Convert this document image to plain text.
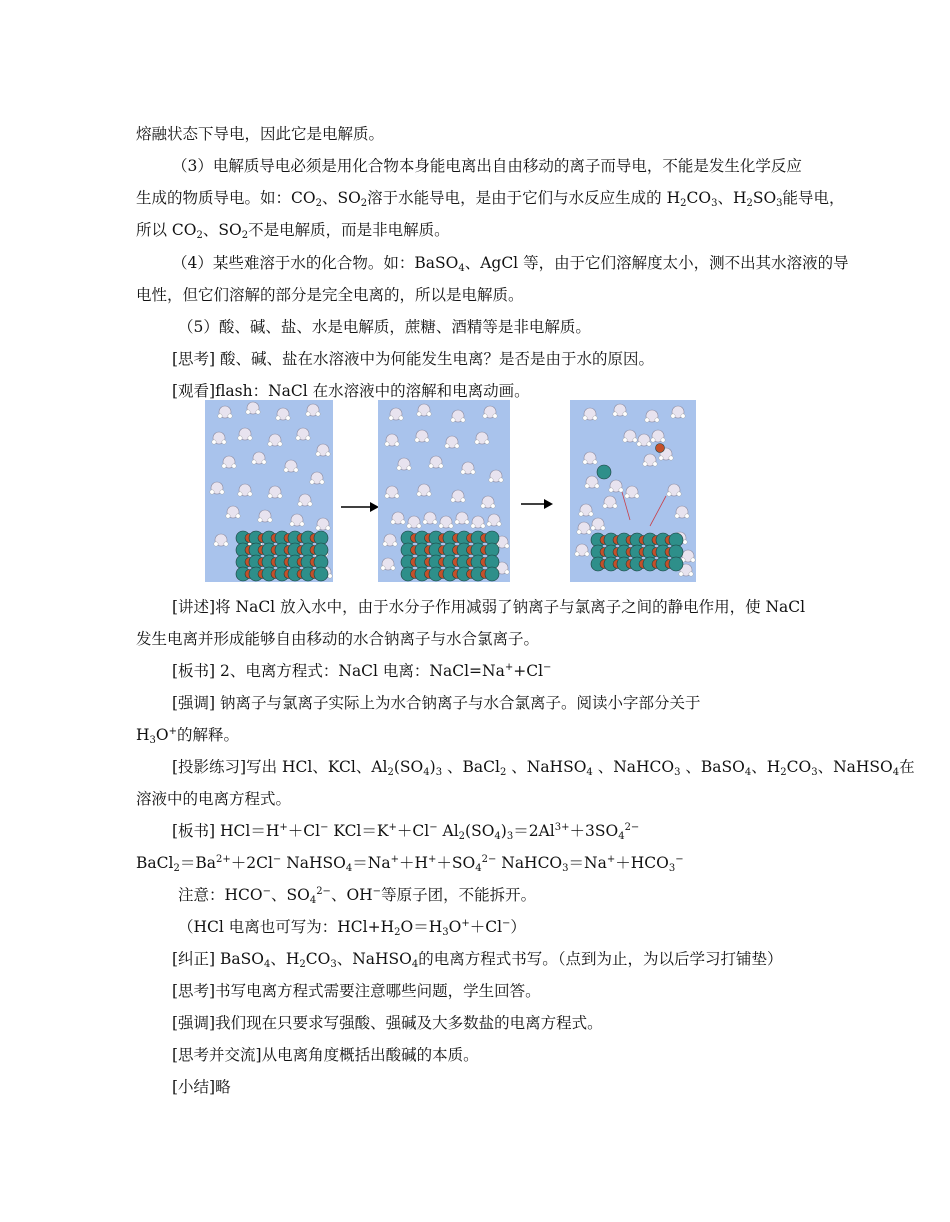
熔融状态下导电，因此它是电解质。
（3）电解质导电必须是用化合物本身能电离出自由移动的离子而导电，不能是发生化学反应
生成的物质导电。如：$CO_2$、$SO_2$溶于水能导电，是由于它们与水反应生成的 $H_2CO_3$、$H_2SO_3$能导电，
所以 $CO_2$、$SO_2$不是电解质，而是非电解质。
（4）某些难溶于水的化合物。如：BaSO$_4$、AgCl 等，由于它们溶解度太小，测不出其水溶液的导
电性，但它们溶解的部分是完全电离的，所以是电解质。
（5）酸、碱、盐、水是电解质，蔗糖、酒精等是非电解质。
[思考] 酸、碱、盐在水溶液中为何能发生电离？是否是由于水的原因。
[观看]flash：NaCl 在水溶液中的溶解和电离动画。
[讲述]将 NaCl 放入水中，由于水分子作用减弱了钠离子与氯离子之间的静电作用，使 NaCl
发生电离并形成能够自由移动的水合钠离子与水合氯离子。
[板书] 2、电离方程式：NaCl 电离：NaCl=Na++Cl−
[强调] 钠离子与氯离子实际上为水合钠离子与水合氯离子。阅读小字部分关于
$H_3O^+$的解释。
[投影练习]写出 HCl、KCl、$Al_2(SO_4)_3$ 、BaCl$_2$ 、NaHSO$_4$ 、NaHCO$_3$ 、BaSO$_4$、$H_2CO_3$、NaHSO$_4$在
溶液中的电离方程式。
[板书] HCl＝H+＋Cl− KCl＝K+＋Cl− $Al_2(SO_4)_3=2Al^{3+}+3SO_4^{2-}$
$BaCl_2=Ba^{2+}+2Cl^-$ $NaHSO_4=Na^++H^++SO_4^{2-}$ $NaHCO_3=Na^++HCO_3^-$
注意：HCO−、$SO_4^{2-}$、OH−等原子团，不能拆开。
（HCl 电离也可写为：$HCl+H_2O=H_3O^++Cl^-$）
[纠正] BaSO$_4$、$H_2CO_3$、NaHSO$_4$的电离方程式书写。（点到为止，为以后学习打铺垫）
[思考]书写电离方程式需要注意哪些问题，学生回答。
[强调]我们现在只要求写强酸、强碱及大多数盐的电离方程式。
[思考并交流]从电离角度概括出酸碱的本质。
[小结]略
